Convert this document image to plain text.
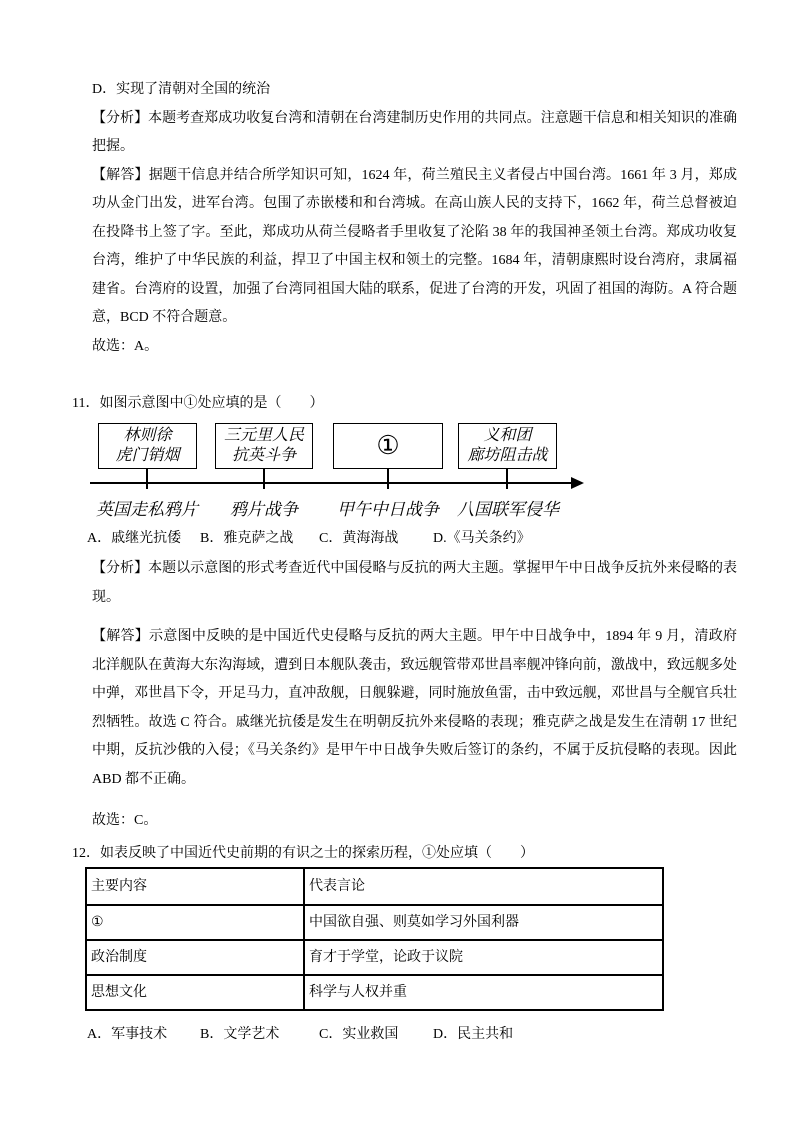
D．实现了清朝对全国的统治

【分析】本题考查郑成功收复台湾和清朝在台湾建制历史作用的共同点。注意题干信息和相关知识的准确把握。

【解答】据题干信息并结合所学知识可知，1624 年，荷兰殖民主义者侵占中国台湾。1661 年 3 月，郑成功从金门出发，进军台湾。包围了赤嵌楼和和台湾城。在高山族人民的支持下，1662 年，荷兰总督被迫在投降书上签了字。至此，郑成功从荷兰侵略者手里收复了沦陷 38 年的我国神圣领土台湾。郑成功收复台湾，维护了中华民族的利益，捍卫了中国主权和领土的完整。1684 年，清朝康熙时设台湾府，隶属福建省。台湾府的设置，加强了台湾同祖国大陆的联系，促进了台湾的开发，巩固了祖国的海防。A 符合题意，BCD 不符合题意。

故选：A。

11．如图示意图中①处应填的是（　　）

林则徐
虎门销烟
三元里人民
抗英斗争	①	义和团
廊坊阻击战
英国走私鸦片 鸦片战争 甲午中日战争 八国联军侵华
A．戚继光抗倭	B．雅克萨之战	C．黄海海战	D.《马关条约》

【分析】本题以示意图的形式考查近代中国侵略与反抗的两大主题。掌握甲午中日战争反抗外来侵略的表现。

【解答】示意图中反映的是中国近代史侵略与反抗的两大主题。甲午中日战争中，1894 年 9 月，清政府北洋舰队在黄海大东沟海域，遭到日本舰队袭击，致远舰管带邓世昌率舰冲锋向前，激战中，致远舰多处中弹，邓世昌下令，开足马力，直冲敌舰，日舰躲避，同时施放鱼雷，击中致远舰，邓世昌与全舰官兵壮烈牺牲。故选 C 符合。戚继光抗倭是发生在明朝反抗外来侵略的表现；雅克萨之战是发生在清朝 17 世纪中期，反抗沙俄的入侵；《马关条约》是甲午中日战争失败后签订的条约，不属于反抗侵略的表现。因此 ABD 都不正确。

故选：C。

12．如表反映了中国近代史前期的有识之士的探索历程，①处应填（　　）

主要内容	代表言论
①	中国欲自强、则莫如学习外国利器
政治制度	育才于学堂，论政于议院
思想文化	科学与人权并重
A．军事技术	B．文学艺术	C．实业救国	D．民主共和
